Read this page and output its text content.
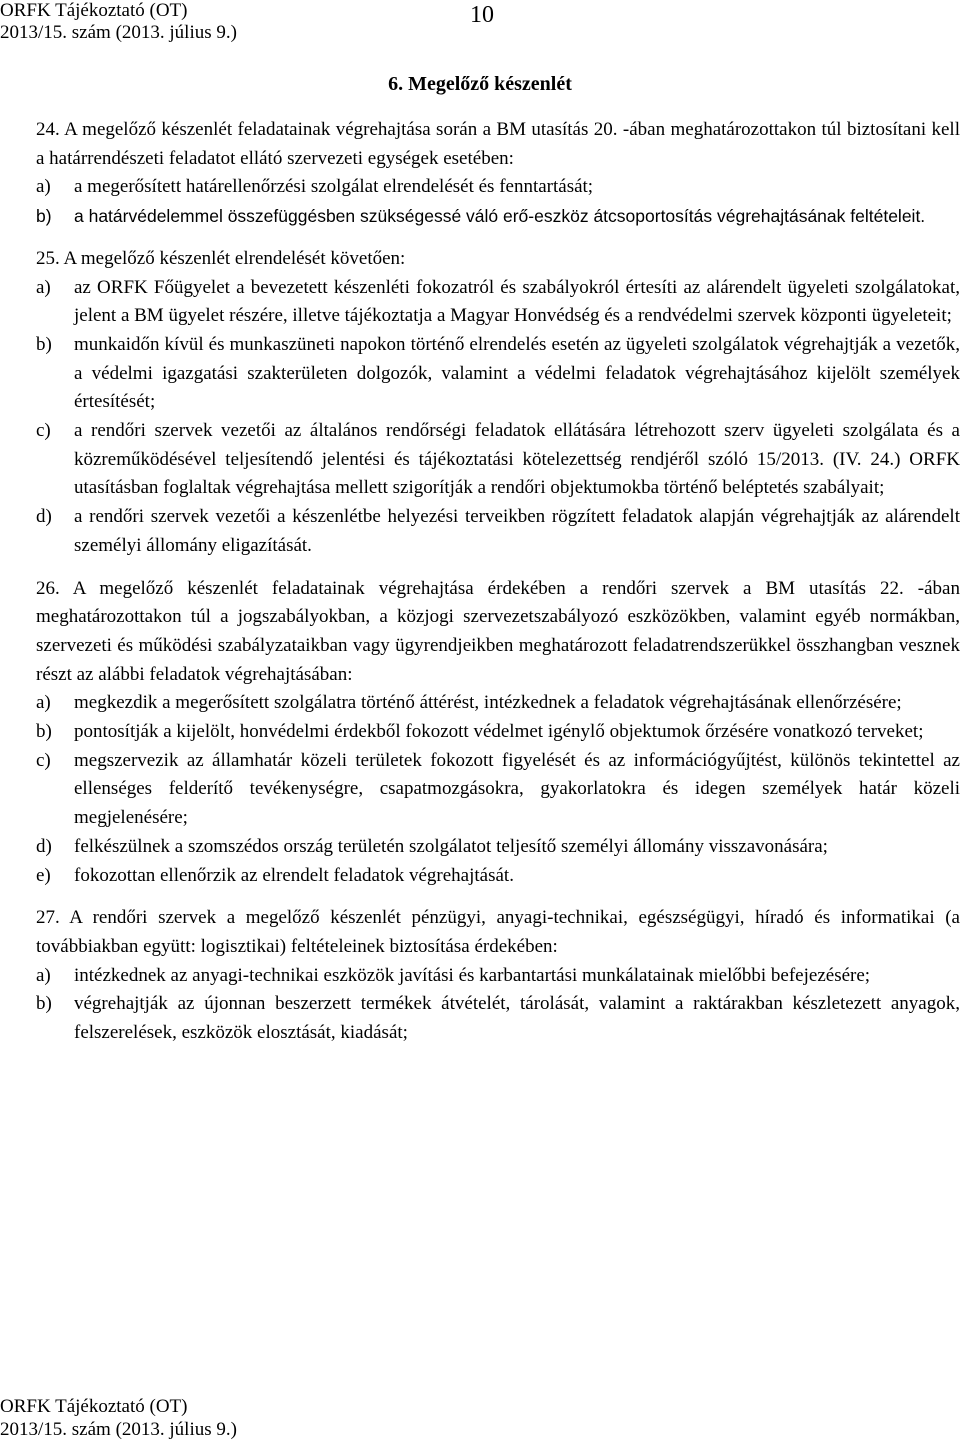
ORFK Tájékoztató (OT)
2013/15. szám (2013. július 9.)
10
6. Megelőző készenlét
24. A megelőző készenlét feladatainak végrehajtása során a BM utasítás 20. -ában meghatározottakon túl biztosítani kell a határrendészeti feladatot ellátó szervezeti egységek esetében:
a)	a megerősített határellenőrzési szolgálat elrendelését és fenntartását;
b)	a határvédelemmel összefüggésben szükségessé váló erő-eszköz átcsoportosítás végrehajtásának feltételeit.
25. A megelőző készenlét elrendelését követően:
a)	az ORFK Főügyelet a bevezetett készenléti fokozatról és szabályokról értesíti az alárendelt ügyeleti szolgálatokat, jelent a BM ügyelet részére, illetve tájékoztatja a Magyar Honvédség és a rendvédelmi szervek központi ügyeleteit;
b)	munkaidőn kívül és munkaszüneti napokon történő elrendelés esetén az ügyeleti szolgálatok végrehajtják a vezetők, a védelmi igazgatási szakterületen dolgozók, valamint a védelmi feladatok végrehajtásához kijelölt személyek értesítését;
c)	a rendőri szervek vezetői az általános rendőrségi feladatok ellátására létrehozott szerv ügyeleti szolgálata és a közreműködésével teljesítendő jelentési és tájékoztatási kötelezettség rendjéről szóló 15/2013. (IV. 24.) ORFK utasításban foglaltak végrehajtása mellett szigorítják a rendőri objektumokba történő beléptetés szabályait;
d)	a rendőri szervek vezetői a készenlétbe helyezési terveikben rögzített feladatok alapján végrehajtják az alárendelt személyi állomány eligazítását.
26. A megelőző készenlét feladatainak végrehajtása érdekében a rendőri szervek a BM utasítás 22. -ában meghatározottakon túl a jogszabályokban, a közjogi szervezetszabályozó eszközökben, valamint egyéb normákban, szervezeti és működési szabályzataikban vagy ügyrendjeikben meghatározott feladatrendszerükkel összhangban vesznek részt az alábbi feladatok végrehajtásában:
a)	megkezdik a megerősített szolgálatra történő áttérést, intézkednek a feladatok végrehajtásának ellenőrzésére;
b)	pontosítják a kijelölt, honvédelmi érdekből fokozott védelmet igénylő objektumok őrzésére vonatkozó terveket;
c)	megszervezik az államhatár közeli területek fokozott figyelését és az információgyűjtést, különös tekintettel az ellenséges felderítő tevékenységre, csapatmozgásokra, gyakorlatokra és idegen személyek határ közeli megjelenésére;
d)	felkészülnek a szomszédos ország területén szolgálatot teljesítő személyi állomány visszavonására;
e)	fokozottan ellenőrzik az elrendelt feladatok végrehajtását.
27. A rendőri szervek a megelőző készenlét pénzügyi, anyagi-technikai, egészségügyi, híradó és informatikai (a továbbiakban együtt: logisztikai) feltételeinek biztosítása érdekében:
a)	intézkednek az anyagi-technikai eszközök javítási és karbantartási munkálatainak mielőbbi befejezésére;
b)	végrehajtják az újonnan beszerzett termékek átvételét, tárolását, valamint a raktárakban készletezett anyagok, felszerelések, eszközök elosztását, kiadását;
ORFK Tájékoztató (OT)
2013/15. szám (2013. július 9.)
